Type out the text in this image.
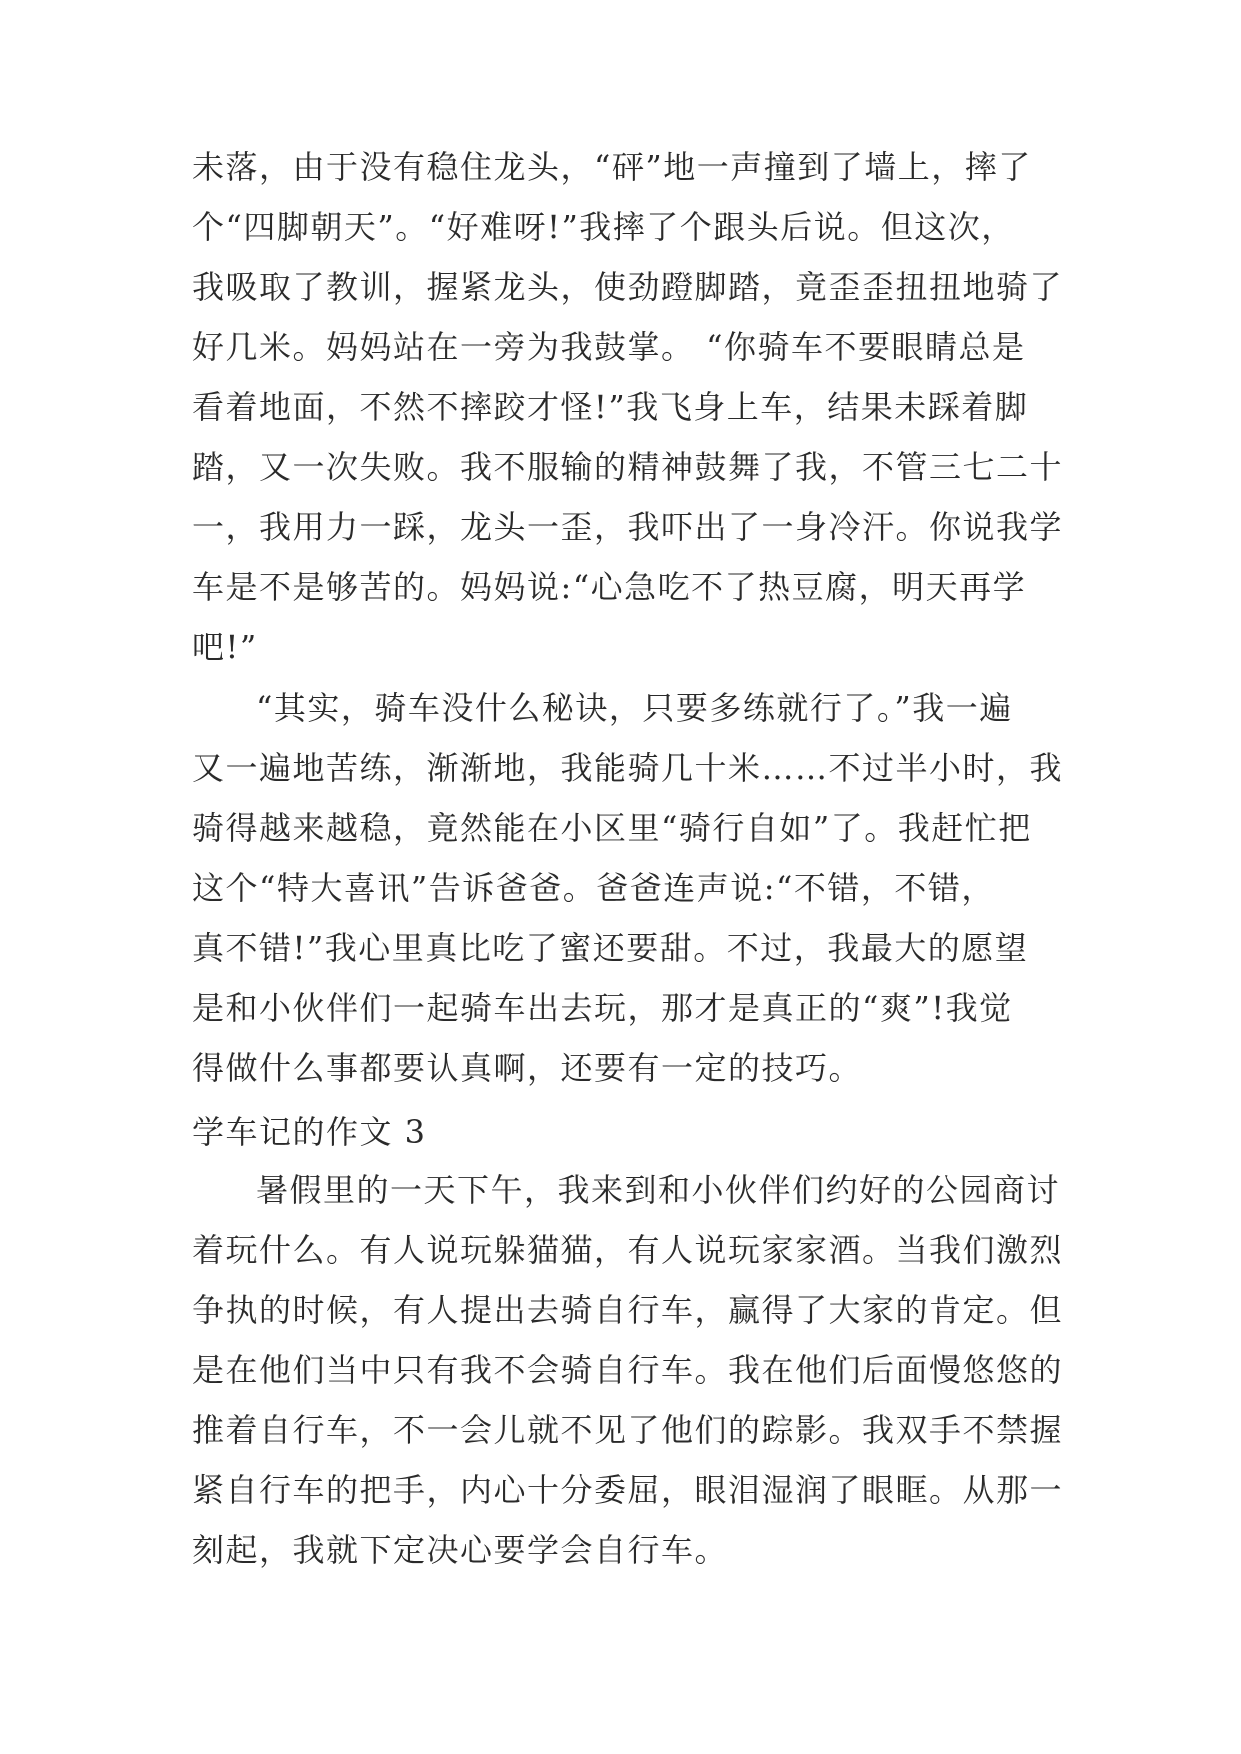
未落，由于没有稳住龙头，“砰”地一声撞到了墙上，摔了
个“四脚朝天”。“好难呀!”我摔了个跟头后说。但这次，
我吸取了教训，握紧龙头，使劲蹬脚踏，竟歪歪扭扭地骑了
好几米。妈妈站在一旁为我鼓掌。 “你骑车不要眼睛总是
看着地面，不然不摔跤才怪!”我飞身上车，结果未踩着脚
踏，又一次失败。我不服输的精神鼓舞了我，不管三七二十
一，我用力一踩，龙头一歪，我吓出了一身冷汗。你说我学
车是不是够苦的。妈妈说:“心急吃不了热豆腐，明天再学
吧!”
“其实，骑车没什么秘诀，只要多练就行了。”我一遍
又一遍地苦练，渐渐地，我能骑几十米……不过半小时，我
骑得越来越稳，竟然能在小区里“骑行自如”了。我赶忙把
这个“特大喜讯”告诉爸爸。爸爸连声说:“不错，不错，
真不错!”我心里真比吃了蜜还要甜。不过，我最大的愿望
是和小伙伴们一起骑车出去玩，那才是真正的“爽”!我觉
得做什么事都要认真啊，还要有一定的技巧。
学车记的作文 3
暑假里的一天下午，我来到和小伙伴们约好的公园商讨
着玩什么。有人说玩躲猫猫，有人说玩家家酒。当我们激烈
争执的时候，有人提出去骑自行车，赢得了大家的肯定。但
是在他们当中只有我不会骑自行车。我在他们后面慢悠悠的
推着自行车，不一会儿就不见了他们的踪影。我双手不禁握
紧自行车的把手，内心十分委屈，眼泪湿润了眼眶。从那一
刻起，我就下定决心要学会自行车。
